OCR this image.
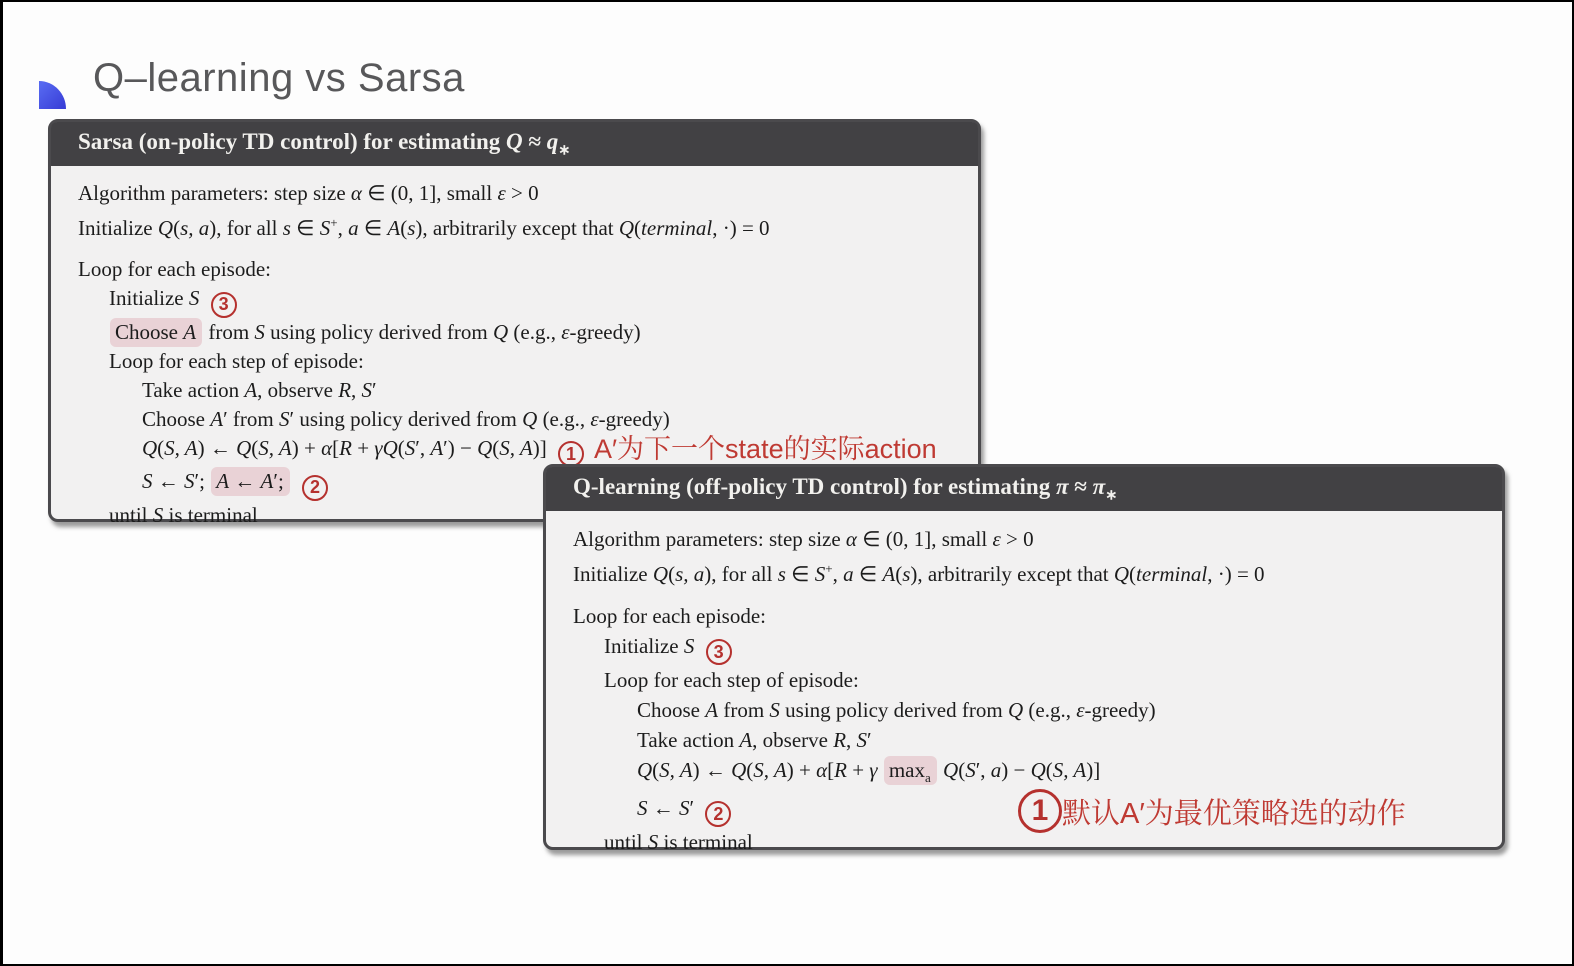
Q–learning vs Sarsa
Sarsa (on-policy TD control) for estimating $Q \approx q_∗$
Algorithm parameters: step size α ∈ (0, 1], small ε > 0
Initialize Q(s, a), for all s ∈ S+, a ∈ A(s), arbitrarily except that Q(terminal, ·) = 0
Loop for each episode:
Initialize S 3
Choose A from S using policy derived from Q (e.g., ε-greedy)
Loop for each step of episode:
Take action A, observe R, S′
Choose A′ from S′ using policy derived from Q (e.g., ε-greedy)
Q(S, A) ← Q(S, A) + α[R + γQ(S′, A′) − Q(S, A)] 1 A′为下一个state的实际action
S ← S′; A ← A′; 2
until S is terminal
Q-learning (off-policy TD control) for estimating $\pi \approx \pi_∗$
Algorithm parameters: step size α ∈ (0, 1], small ε > 0
Initialize Q(s, a), for all s ∈ S+, a ∈ A(s), arbitrarily except that Q(terminal, ·) = 0
Loop for each episode:
Initialize S 3
Loop for each step of episode:
Choose A from S using policy derived from Q (e.g., ε-greedy)
Take action A, observe R, S′
Q(S, A) ← Q(S, A) + α[R + γ $\max_a Q(S'$, a) − Q(S, A)]
S ← S′ 2
until S is terminal
1 默认A′为最优策略选的动作
